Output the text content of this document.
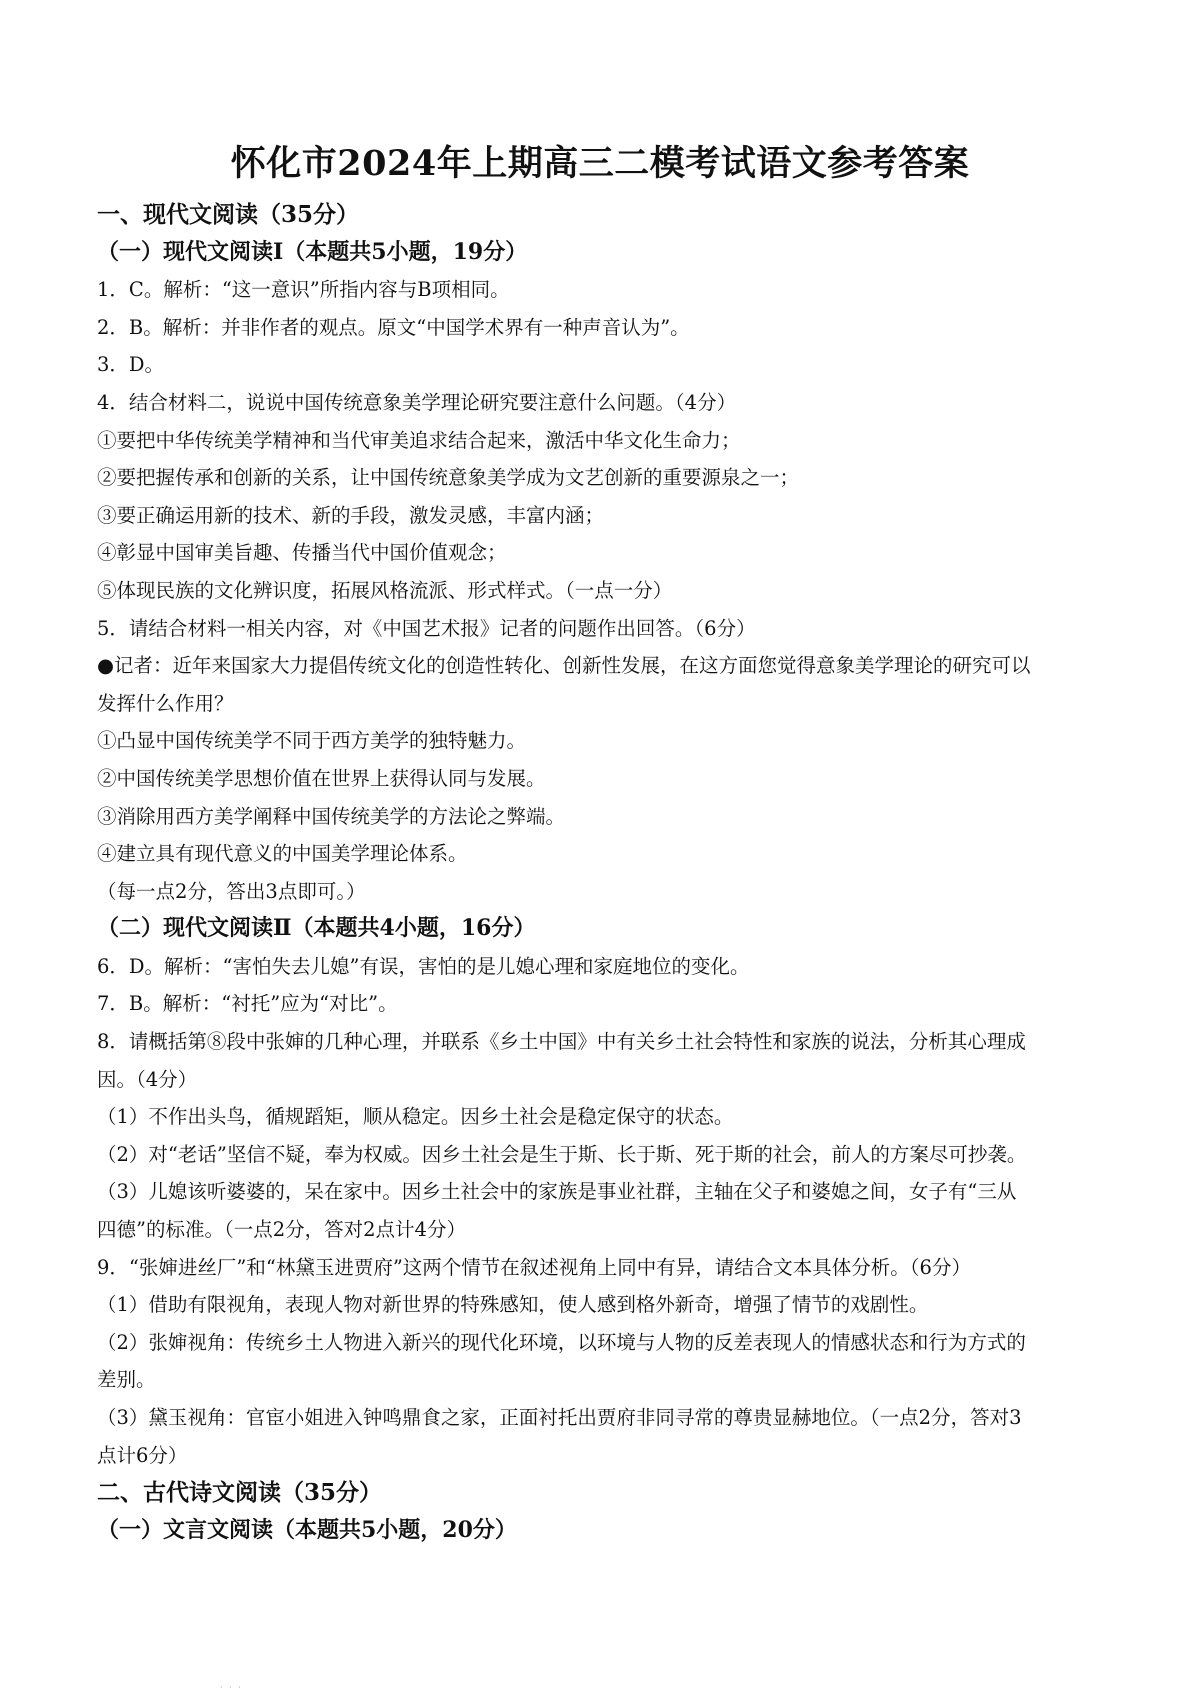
怀化市2024年上期高三二模考试语文参考答案
一、现代文阅读（35分）
（一）现代文阅读Ⅰ（本题共5小题，19分）
1．C。解析：“这一意识”所指内容与B项相同。
2．B。解析：并非作者的观点。原文“中国学术界有一种声音认为”。
3．D。
4．结合材料二，说说中国传统意象美学理论研究要注意什么问题。（4分）
①要把中华传统美学精神和当代审美追求结合起来，激活中华文化生命力；
②要把握传承和创新的关系，让中国传统意象美学成为文艺创新的重要源泉之一；
③要正确运用新的技术、新的手段，激发灵感，丰富内涵；
④彰显中国审美旨趣、传播当代中国价值观念；
⑤体现民族的文化辨识度，拓展风格流派、形式样式。（一点一分）
5．请结合材料一相关内容，对《中国艺术报》记者的问题作出回答。（6分）
●记者：近年来国家大力提倡传统文化的创造性转化、创新性发展，在这方面您觉得意象美学理论的研究可以
发挥什么作用？
①凸显中国传统美学不同于西方美学的独特魅力。
②中国传统美学思想价值在世界上获得认同与发展。
③消除用西方美学阐释中国传统美学的方法论之弊端。
④建立具有现代意义的中国美学理论体系。
（每一点2分，答出3点即可。）
（二）现代文阅读Ⅱ（本题共4小题，16分）
6．D。解析：“害怕失去儿媳”有误，害怕的是儿媳心理和家庭地位的变化。
7．B。解析：“衬托”应为“对比”。
8．请概括第⑧段中张婶的几种心理，并联系《乡土中国》中有关乡土社会特性和家族的说法，分析其心理成
因。（4分）
（1）不作出头鸟，循规蹈矩，顺从稳定。因乡土社会是稳定保守的状态。
（2）对“老话”坚信不疑，奉为权威。因乡土社会是生于斯、长于斯、死于斯的社会，前人的方案尽可抄袭。
（3）儿媳该听婆婆的，呆在家中。因乡土社会中的家族是事业社群，主轴在父子和婆媳之间，女子有“三从
四德”的标准。（一点2分，答对2点计4分）
9．“张婶进丝厂”和“林黛玉进贾府”这两个情节在叙述视角上同中有异，请结合文本具体分析。（6分）
（1）借助有限视角，表现人物对新世界的特殊感知，使人感到格外新奇，增强了情节的戏剧性。
（2）张婶视角：传统乡土人物进入新兴的现代化环境，以环境与人物的反差表现人的情感状态和行为方式的
差别。
（3）黛玉视角：官宦小姐进入钟鸣鼎食之家，正面衬托出贾府非同寻常的尊贵显赫地位。（一点2分，答对3
点计6分）
二、古代诗文阅读（35分）
（一）文言文阅读（本题共5小题，20分）
· · ·
